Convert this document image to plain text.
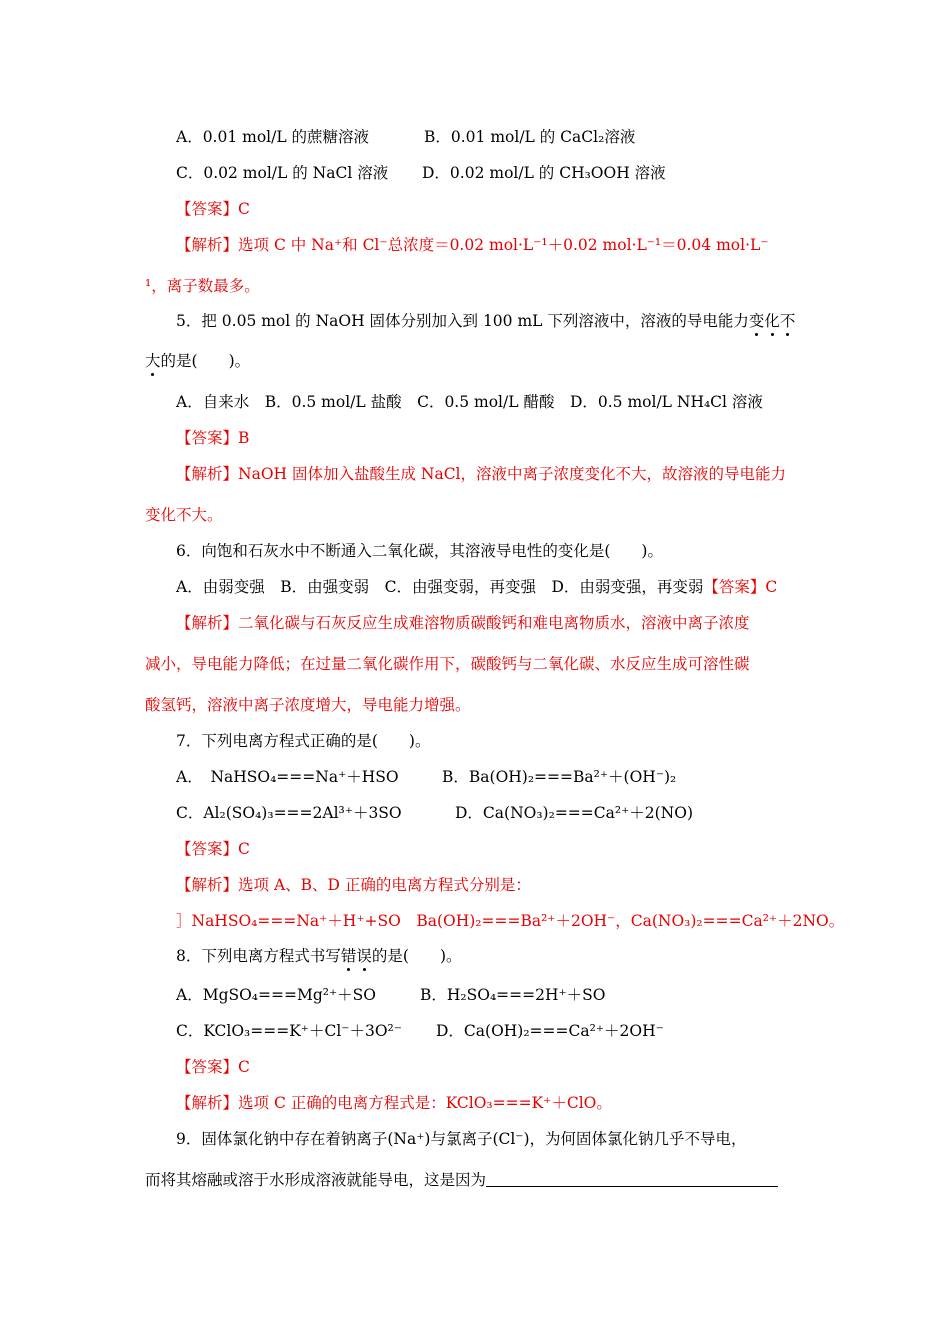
A．0.01 mol/L 的蔗糖溶液	B．0.01 mol/L 的 CaCl₂溶液
C．0.02 mol/L 的 NaCl 溶液 D．0.02 mol/L 的 CH₃OOH 溶液
【答案】C
【解析】选项 C 中 Na⁺和 Cl⁻总浓度＝0.02 mol·L⁻¹＋0.02 mol·L⁻¹＝0.04 mol·L⁻
¹，离子数最多。
5．把 0.05 mol 的 NaOH 固体分别加入到 100 mL 下列溶液中，溶液的导电能力变化不
大的是(　　)。
A．自来水　B．0.5 mol/L 盐酸　C．0.5 mol/L 醋酸　D．0.5 mol/L NH₄Cl 溶液
【答案】B
【解析】NaOH 固体加入盐酸生成 NaCl，溶液中离子浓度变化不大，故溶液的导电能力
变化不大。
6．向饱和石灰水中不断通入二氧化碳，其溶液导电性的变化是(　　)。
A．由弱变强　B．由强变弱　C．由强变弱，再变强　D．由弱变强，再变弱【答案】C
【解析】二氧化碳与石灰反应生成难溶物质碳酸钙和难电离物质水，溶液中离子浓度
减小，导电能力降低；在过量二氧化碳作用下，碳酸钙与二氧化碳、水反应生成可溶性碳
酸氢钙，溶液中离子浓度增大，导电能力增强。
7．下列电离方程式正确的是(　　)。
A．　NaHSO₄===Na⁺＋HSO	B．Ba(OH)₂===Ba²⁺＋(OH⁻)₂
C．Al₂(SO₄)₃===2Al³⁺＋3SO	D．Ca(NO₃)₂===Ca²⁺＋2(NO)
【答案】C
【解析】选项 A、B、D 正确的电离方程式分别是：
］NaHSO₄===Na⁺＋H⁺+SO　Ba(OH)₂===Ba²⁺＋2OH⁻，Ca(NO₃)₂===Ca²⁺＋2NO。
8．下列电离方程式书写错误的是(　　)。
A．MgSO₄===Mg²⁺＋SO	B．H₂SO₄===2H⁺＋SO
C．KClO₃===K⁺＋Cl⁻＋3O²⁻ D．Ca(OH)₂===Ca²⁺＋2OH⁻
【答案】C
【解析】选项 C 正确的电离方程式是：KClO₃===K⁺＋ClO。
9．固体氯化钠中存在着钠离子(Na⁺)与氯离子(Cl⁻)，为何固体氯化钠几乎不导电，
而将其熔融或溶于水形成溶液就能导电，这是因为
